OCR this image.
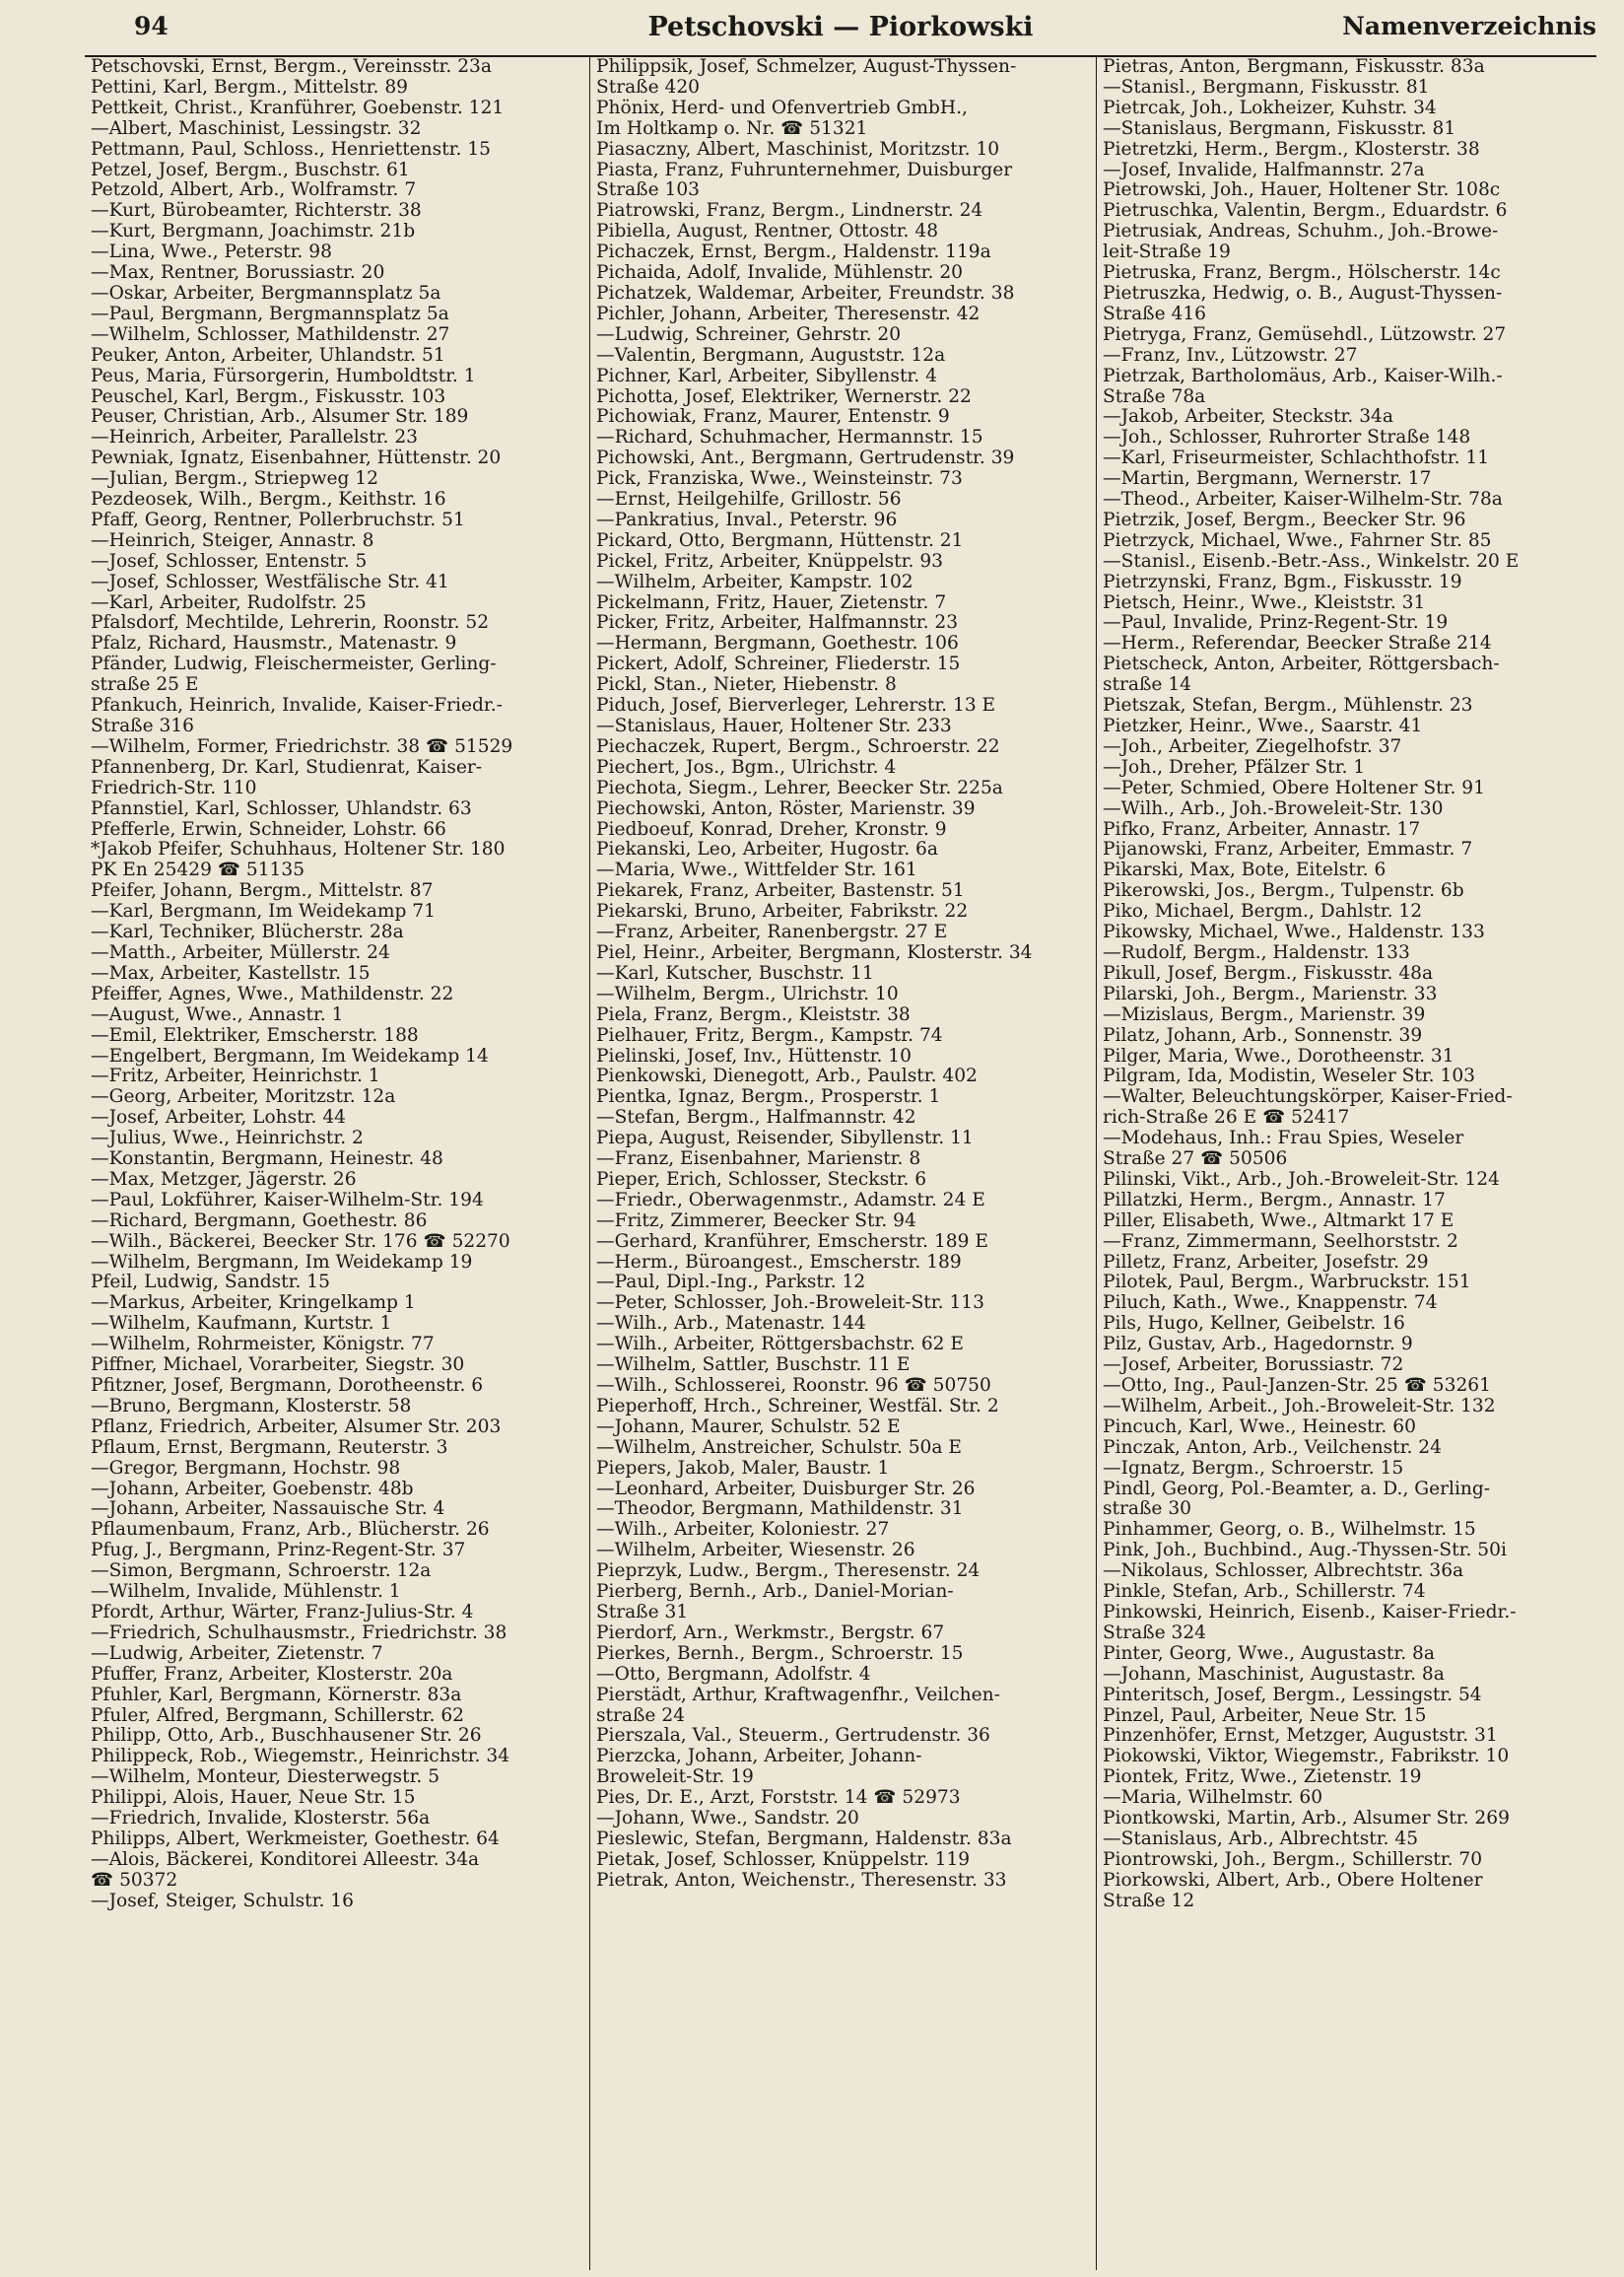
94	Petschovski — Piorkowski	Namenverzeichnis
Petschovski, Ernst, Bergm., Vereinsstr. 23a
Pettini, Karl, Bergm., Mittelstr. 89
Pettkeit, Christ., Kranführer, Goebenstr. 121
—Albert, Maschinist, Lessingstr. 32
Pettmann, Paul, Schloss., Henriettenstr. 15
Petzel, Josef, Bergm., Buschstr. 61
Petzold, Albert, Arb., Wolframstr. 7
—Kurt, Bürobeamter, Richterstr. 38
—Kurt, Bergmann, Joachimstr. 21b
—Lina, Wwe., Peterstr. 98
—Max, Rentner, Borussiastr. 20
—Oskar, Arbeiter, Bergmannsplatz 5a
—Paul, Bergmann, Bergmannsplatz 5a
—Wilhelm, Schlosser, Mathildenstr. 27
Peuker, Anton, Arbeiter, Uhlandstr. 51
Peus, Maria, Fürsorgerin, Humboldtstr. 1
Peuschel, Karl, Bergm., Fiskusstr. 103
Peuser, Christian, Arb., Alsumer Str. 189
—Heinrich, Arbeiter, Parallelstr. 23
Pewniak, Ignatz, Eisenbahner, Hüttenstr. 20
—Julian, Bergm., Striepweg 12
Pezdeosek, Wilh., Bergm., Keithstr. 16
Pfaff, Georg, Rentner, Pollerbruchstr. 51
—Heinrich, Steiger, Annastr. 8
—Josef, Schlosser, Entenstr. 5
—Josef, Schlosser, Westfälische Str. 41
—Karl, Arbeiter, Rudolfstr. 25
Pfalsdorf, Mechtilde, Lehrerin, Roonstr. 52
Pfalz, Richard, Hausmstr., Matenastr. 9
Pfänder, Ludwig, Fleischermeister, Gerling-
straße 25 E
Pfankuch, Heinrich, Invalide, Kaiser-Friedr.-
Straße 316
—Wilhelm, Former, Friedrichstr. 38 ☎ 51529
Pfannenberg, Dr. Karl, Studienrat, Kaiser-
Friedrich-Str. 110
Pfannstiel, Karl, Schlosser, Uhlandstr. 63
Pfefferle, Erwin, Schneider, Lohstr. 66
*Jakob Pfeifer, Schuhhaus, Holtener Str. 180
PK En 25429 ☎ 51135
Pfeifer, Johann, Bergm., Mittelstr. 87
—Karl, Bergmann, Im Weidekamp 71
—Karl, Techniker, Blücherstr. 28a
—Matth., Arbeiter, Müllerstr. 24
—Max, Arbeiter, Kastellstr. 15
Pfeiffer, Agnes, Wwe., Mathildenstr. 22
—August, Wwe., Annastr. 1
—Emil, Elektriker, Emscherstr. 188
—Engelbert, Bergmann, Im Weidekamp 14
—Fritz, Arbeiter, Heinrichstr. 1
—Georg, Arbeiter, Moritzstr. 12a
—Josef, Arbeiter, Lohstr. 44
—Julius, Wwe., Heinrichstr. 2
—Konstantin, Bergmann, Heinestr. 48
—Max, Metzger, Jägerstr. 26
—Paul, Lokführer, Kaiser-Wilhelm-Str. 194
—Richard, Bergmann, Goethestr. 86
—Wilh., Bäckerei, Beecker Str. 176 ☎ 52270
—Wilhelm, Bergmann, Im Weidekamp 19
Pfeil, Ludwig, Sandstr. 15
—Markus, Arbeiter, Kringelkamp 1
—Wilhelm, Kaufmann, Kurtstr. 1
—Wilhelm, Rohrmeister, Königstr. 77
Piffner, Michael, Vorarbeiter, Siegstr. 30
Pfitzner, Josef, Bergmann, Dorotheenstr. 6
—Bruno, Bergmann, Klosterstr. 58
Pflanz, Friedrich, Arbeiter, Alsumer Str. 203
Pflaum, Ernst, Bergmann, Reuterstr. 3
—Gregor, Bergmann, Hochstr. 98
—Johann, Arbeiter, Goebenstr. 48b
—Johann, Arbeiter, Nassauische Str. 4
Pflaumenbaum, Franz, Arb., Blücherstr. 26
Pfug, J., Bergmann, Prinz-Regent-Str. 37
—Simon, Bergmann, Schroerstr. 12a
—Wilhelm, Invalide, Mühlenstr. 1
Pfordt, Arthur, Wärter, Franz-Julius-Str. 4
—Friedrich, Schulhausmstr., Friedrichstr. 38
—Ludwig, Arbeiter, Zietenstr. 7
Pfuffer, Franz, Arbeiter, Klosterstr. 20a
Pfuhler, Karl, Bergmann, Körnerstr. 83a
Pfuler, Alfred, Bergmann, Schillerstr. 62
Philipp, Otto, Arb., Buschhausener Str. 26
Philippeck, Rob., Wiegemstr., Heinrichstr. 34
—Wilhelm, Monteur, Diesterwegstr. 5
Philippi, Alois, Hauer, Neue Str. 15
—Friedrich, Invalide, Klosterstr. 56a
Philipps, Albert, Werkmeister, Goethestr. 64
—Alois, Bäckerei, Konditorei Alleestr. 34a
☎ 50372
—Josef, Steiger, Schulstr. 16
Philippsik, Josef, Schmelzer, August-Thyssen-
Straße 420
Phönix, Herd- und Ofenvertrieb GmbH.,
Im Holtkamp o. Nr. ☎ 51321
Piasaczny, Albert, Maschinist, Moritzstr. 10
Piasta, Franz, Fuhrunternehmer, Duisburger
Straße 103
Piatrowski, Franz, Bergm., Lindnerstr. 24
Pibiella, August, Rentner, Ottostr. 48
Pichaczek, Ernst, Bergm., Haldenstr. 119a
Pichaida, Adolf, Invalide, Mühlenstr. 20
Pichatzek, Waldemar, Arbeiter, Freundstr. 38
Pichler, Johann, Arbeiter, Theresenstr. 42
—Ludwig, Schreiner, Gehrstr. 20
—Valentin, Bergmann, Auguststr. 12a
Pichner, Karl, Arbeiter, Sibyllenstr. 4
Pichotta, Josef, Elektriker, Wernerstr. 22
Pichowiak, Franz, Maurer, Entenstr. 9
—Richard, Schuhmacher, Hermannstr. 15
Pichowski, Ant., Bergmann, Gertrudenstr. 39
Pick, Franziska, Wwe., Weinsteinstr. 73
—Ernst, Heilgehilfe, Grillostr. 56
—Pankratius, Inval., Peterstr. 96
Pickard, Otto, Bergmann, Hüttenstr. 21
Pickel, Fritz, Arbeiter, Knüppelstr. 93
—Wilhelm, Arbeiter, Kampstr. 102
Pickelmann, Fritz, Hauer, Zietenstr. 7
Picker, Fritz, Arbeiter, Halfmannstr. 23
—Hermann, Bergmann, Goethestr. 106
Pickert, Adolf, Schreiner, Fliederstr. 15
Pickl, Stan., Nieter, Hiebenstr. 8
Piduch, Josef, Bierverleger, Lehrerstr. 13 E
—Stanislaus, Hauer, Holtener Str. 233
Piechaczek, Rupert, Bergm., Schroerstr. 22
Piechert, Jos., Bgm., Ulrichstr. 4
Piechota, Siegm., Lehrer, Beecker Str. 225a
Piechowski, Anton, Röster, Marienstr. 39
Piedboeuf, Konrad, Dreher, Kronstr. 9
Piekanski, Leo, Arbeiter, Hugostr. 6a
—Maria, Wwe., Wittfelder Str. 161
Piekarek, Franz, Arbeiter, Bastenstr. 51
Piekarski, Bruno, Arbeiter, Fabrikstr. 22
—Franz, Arbeiter, Ranenbergstr. 27 E
Piel, Heinr., Arbeiter, Bergmann, Klosterstr. 34
—Karl, Kutscher, Buschstr. 11
—Wilhelm, Bergm., Ulrichstr. 10
Piela, Franz, Bergm., Kleiststr. 38
Pielhauer, Fritz, Bergm., Kampstr. 74
Pielinski, Josef, Inv., Hüttenstr. 10
Pienkowski, Dienegott, Arb., Paulstr. 402
Pientka, Ignaz, Bergm., Prosperstr. 1
—Stefan, Bergm., Halfmannstr. 42
Piepa, August, Reisender, Sibyllenstr. 11
—Franz, Eisenbahner, Marienstr. 8
Pieper, Erich, Schlosser, Steckstr. 6
—Friedr., Oberwagenmstr., Adamstr. 24 E
—Fritz, Zimmerer, Beecker Str. 94
—Gerhard, Kranführer, Emscherstr. 189 E
—Herm., Büroangest., Emscherstr. 189
—Paul, Dipl.-Ing., Parkstr. 12
—Peter, Schlosser, Joh.-Broweleit-Str. 113
—Wilh., Arb., Matenastr. 144
—Wilh., Arbeiter, Röttgersbachstr. 62 E
—Wilhelm, Sattler, Buschstr. 11 E
—Wilh., Schlosserei, Roonstr. 96 ☎ 50750
Pieperhoff, Hrch., Schreiner, Westfäl. Str. 2
—Johann, Maurer, Schulstr. 52 E
—Wilhelm, Anstreicher, Schulstr. 50a E
Piepers, Jakob, Maler, Baustr. 1
—Leonhard, Arbeiter, Duisburger Str. 26
—Theodor, Bergmann, Mathildenstr. 31
—Wilh., Arbeiter, Koloniestr. 27
—Wilhelm, Arbeiter, Wiesenstr. 26
Pieprzyk, Ludw., Bergm., Theresenstr. 24
Pierberg, Bernh., Arb., Daniel-Morian-
Straße 31
Pierdorf, Arn., Werkmstr., Bergstr. 67
Pierkes, Bernh., Bergm., Schroerstr. 15
—Otto, Bergmann, Adolfstr. 4
Pierstädt, Arthur, Kraftwagenfhr., Veilchen-
straße 24
Pierszala, Val., Steuerm., Gertrudenstr. 36
Pierzcka, Johann, Arbeiter, Johann-
Broweleit-Str. 19
Pies, Dr. E., Arzt, Forststr. 14 ☎ 52973
—Johann, Wwe., Sandstr. 20
Pieslewic, Stefan, Bergmann, Haldenstr. 83a
Pietak, Josef, Schlosser, Knüppelstr. 119
Pietrak, Anton, Weichenstr., Theresenstr. 33
Pietras, Anton, Bergmann, Fiskusstr. 83a
—Stanisl., Bergmann, Fiskusstr. 81
Pietrcak, Joh., Lokheizer, Kuhstr. 34
—Stanislaus, Bergmann, Fiskusstr. 81
Pietretzki, Herm., Bergm., Klosterstr. 38
—Josef, Invalide, Halfmannstr. 27a
Pietrowski, Joh., Hauer, Holtener Str. 108c
Pietruschka, Valentin, Bergm., Eduardstr. 6
Pietrusiak, Andreas, Schuhm., Joh.-Browe-
leit-Straße 19
Pietruska, Franz, Bergm., Hölscherstr. 14c
Pietruszka, Hedwig, o. B., August-Thyssen-
Straße 416
Pietryga, Franz, Gemüsehdl., Lützowstr. 27
—Franz, Inv., Lützowstr. 27
Pietrzak, Bartholomäus, Arb., Kaiser-Wilh.-
Straße 78a
—Jakob, Arbeiter, Steckstr. 34a
—Joh., Schlosser, Ruhrorter Straße 148
—Karl, Friseurmeister, Schlachthofstr. 11
—Martin, Bergmann, Wernerstr. 17
—Theod., Arbeiter, Kaiser-Wilhelm-Str. 78a
Pietrzik, Josef, Bergm., Beecker Str. 96
Pietrzyck, Michael, Wwe., Fahrner Str. 85
—Stanisl., Eisenb.-Betr.-Ass., Winkelstr. 20 E
Pietrzynski, Franz, Bgm., Fiskusstr. 19
Pietsch, Heinr., Wwe., Kleiststr. 31
—Paul, Invalide, Prinz-Regent-Str. 19
—Herm., Referendar, Beecker Straße 214
Pietscheck, Anton, Arbeiter, Röttgersbach-
straße 14
Pietszak, Stefan, Bergm., Mühlenstr. 23
Pietzker, Heinr., Wwe., Saarstr. 41
—Joh., Arbeiter, Ziegelhofstr. 37
—Joh., Dreher, Pfälzer Str. 1
—Peter, Schmied, Obere Holtener Str. 91
—Wilh., Arb., Joh.-Broweleit-Str. 130
Pifko, Franz, Arbeiter, Annastr. 17
Pijanowski, Franz, Arbeiter, Emmastr. 7
Pikarski, Max, Bote, Eitelstr. 6
Pikerowski, Jos., Bergm., Tulpenstr. 6b
Piko, Michael, Bergm., Dahlstr. 12
Pikowsky, Michael, Wwe., Haldenstr. 133
—Rudolf, Bergm., Haldenstr. 133
Pikull, Josef, Bergm., Fiskusstr. 48a
Pilarski, Joh., Bergm., Marienstr. 33
—Mizislaus, Bergm., Marienstr. 39
Pilatz, Johann, Arb., Sonnenstr. 39
Pilger, Maria, Wwe., Dorotheenstr. 31
Pilgram, Ida, Modistin, Weseler Str. 103
—Walter, Beleuchtungskörper, Kaiser-Fried-
rich-Straße 26 E ☎ 52417
—Modehaus, Inh.: Frau Spies, Weseler
Straße 27 ☎ 50506
Pilinski, Vikt., Arb., Joh.-Broweleit-Str. 124
Pillatzki, Herm., Bergm., Annastr. 17
Piller, Elisabeth, Wwe., Altmarkt 17 E
—Franz, Zimmermann, Seelhorststr. 2
Pilletz, Franz, Arbeiter, Josefstr. 29
Pilotek, Paul, Bergm., Warbruckstr. 151
Piluch, Kath., Wwe., Knappenstr. 74
Pils, Hugo, Kellner, Geibelstr. 16
Pilz, Gustav, Arb., Hagedornstr. 9
—Josef, Arbeiter, Borussiastr. 72
—Otto, Ing., Paul-Janzen-Str. 25 ☎ 53261
—Wilhelm, Arbeit., Joh.-Broweleit-Str. 132
Pincuch, Karl, Wwe., Heinestr. 60
Pinczak, Anton, Arb., Veilchenstr. 24
—Ignatz, Bergm., Schroerstr. 15
Pindl, Georg, Pol.-Beamter, a. D., Gerling-
straße 30
Pinhammer, Georg, o. B., Wilhelmstr. 15
Pink, Joh., Buchbind., Aug.-Thyssen-Str. 50i
—Nikolaus, Schlosser, Albrechtstr. 36a
Pinkle, Stefan, Arb., Schillerstr. 74
Pinkowski, Heinrich, Eisenb., Kaiser-Friedr.-
Straße 324
Pinter, Georg, Wwe., Augustastr. 8a
—Johann, Maschinist, Augustastr. 8a
Pinteritsch, Josef, Bergm., Lessingstr. 54
Pinzel, Paul, Arbeiter, Neue Str. 15
Pinzenhöfer, Ernst, Metzger, Auguststr. 31
Piokowski, Viktor, Wiegemstr., Fabrikstr. 10
Piontek, Fritz, Wwe., Zietenstr. 19
—Maria, Wilhelmstr. 60
Piontkowski, Martin, Arb., Alsumer Str. 269
—Stanislaus, Arb., Albrechtstr. 45
Piontrowski, Joh., Bergm., Schillerstr. 70
Piorkowski, Albert, Arb., Obere Holtener
Straße 12
